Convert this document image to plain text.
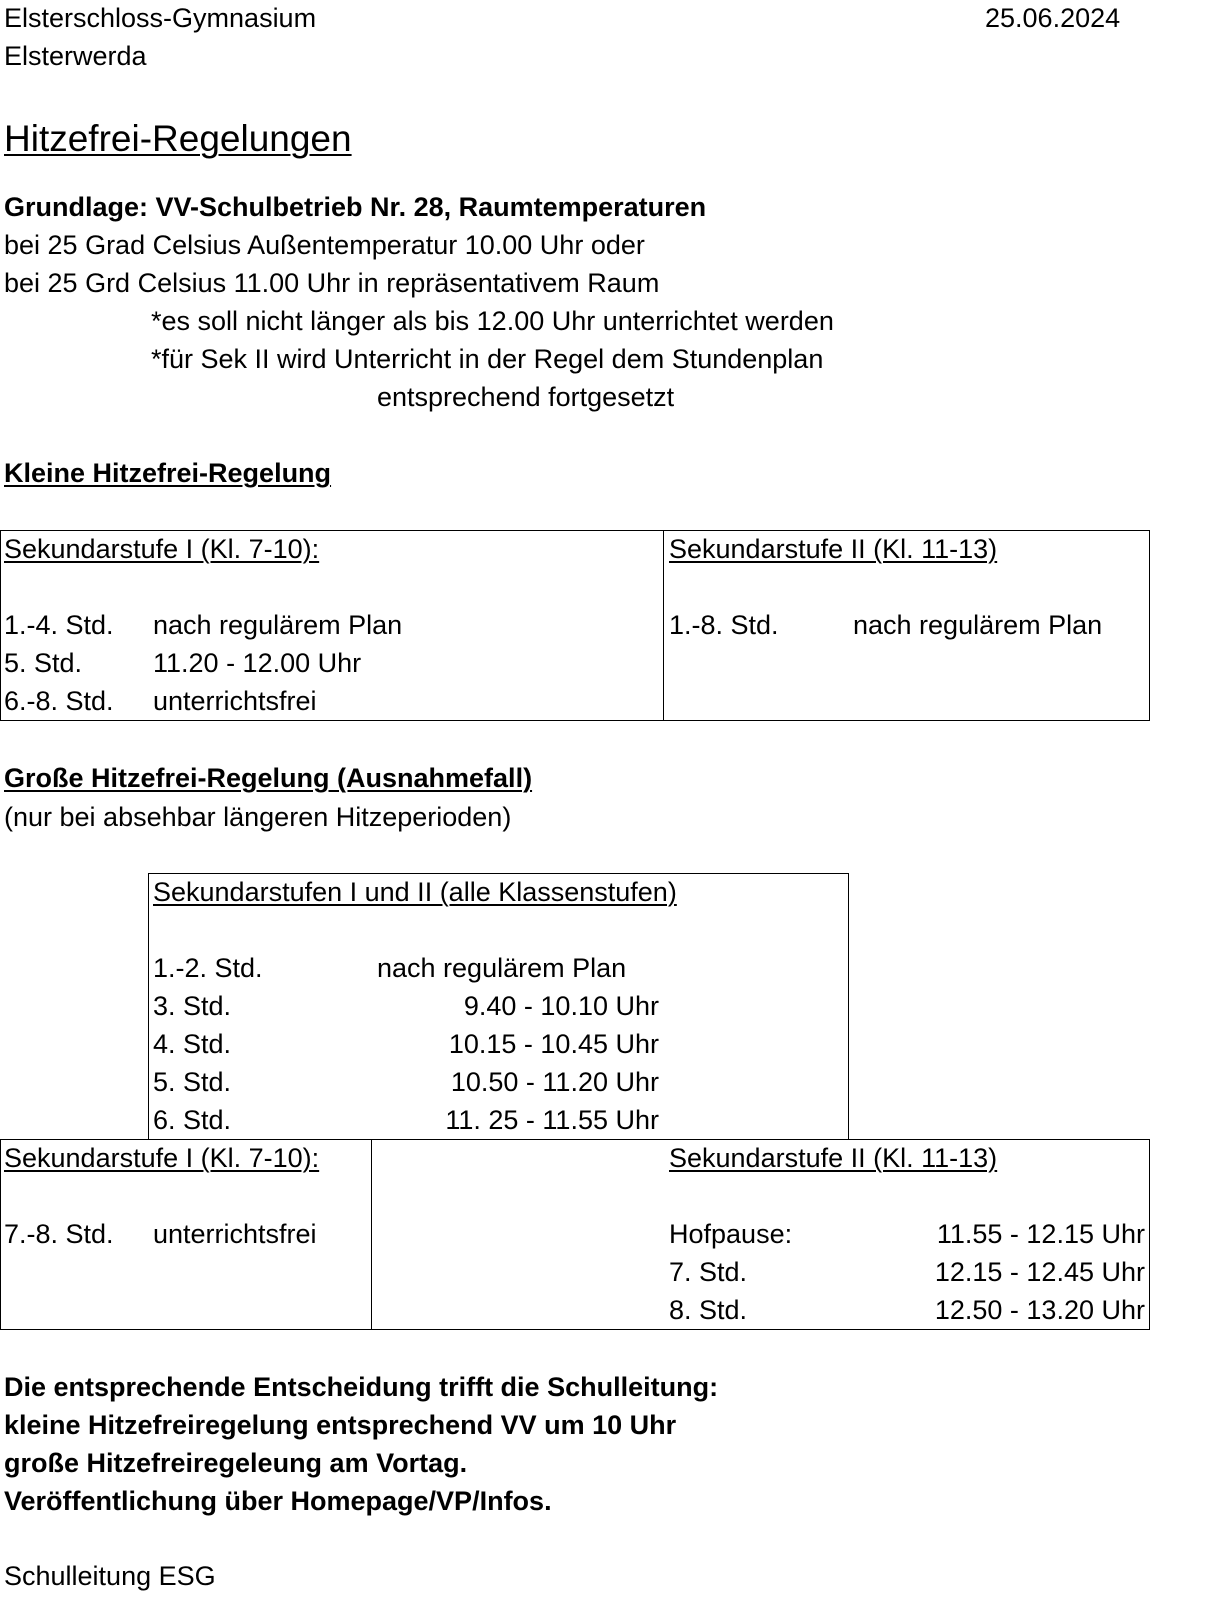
Elsterschloss-Gymnasium
Elsterwerda
25.06.2024
Hitzefrei-Regelungen
Grundlage: VV-Schulbetrieb Nr. 28, Raumtemperaturen
bei 25 Grad Celsius Außentemperatur 10.00 Uhr oder
bei 25 Grd Celsius 11.00 Uhr in repräsentativem Raum
*es soll nicht länger als bis 12.00 Uhr unterrichtet werden
*für Sek II wird Unterricht in der Regel dem Stundenplan
entsprechend fortgesetzt
Kleine Hitzefrei-Regelung
Sekundarstufe I (Kl. 7-10):
1.-4. Std. nach regulärem Plan
5. Std.	11.20 - 12.00 Uhr
6.-8. Std. unterrichtsfrei
Sekundarstufe II (Kl. 11-13)
1.-8. Std.	nach regulärem Plan
Große Hitzefrei-Regelung (Ausnahmefall)
(nur bei absehbar längeren Hitzeperioden)
Sekundarstufen I und II (alle Klassenstufen)
1.-2. Std.	nach regulärem Plan
3. Std.	9.40 - 10.10 Uhr
4. Std.	10.15 - 10.45 Uhr
5. Std.	10.50 - 11.20 Uhr
6. Std.	11. 25 - 11.55 Uhr
Sekundarstufe I (Kl. 7-10):
7.-8. Std. unterrichtsfrei
Sekundarstufe II (Kl. 11-13)
Hofpause:	11.55 - 12.15 Uhr
7. Std.	12.15 - 12.45 Uhr
8. Std.	12.50 - 13.20 Uhr
Die entsprechende Entscheidung trifft die Schulleitung:
kleine Hitzefreiregelung entsprechend VV um 10 Uhr
große Hitzefreiregeleung am Vortag.
Veröffentlichung über Homepage/VP/Infos.
Schulleitung ESG
